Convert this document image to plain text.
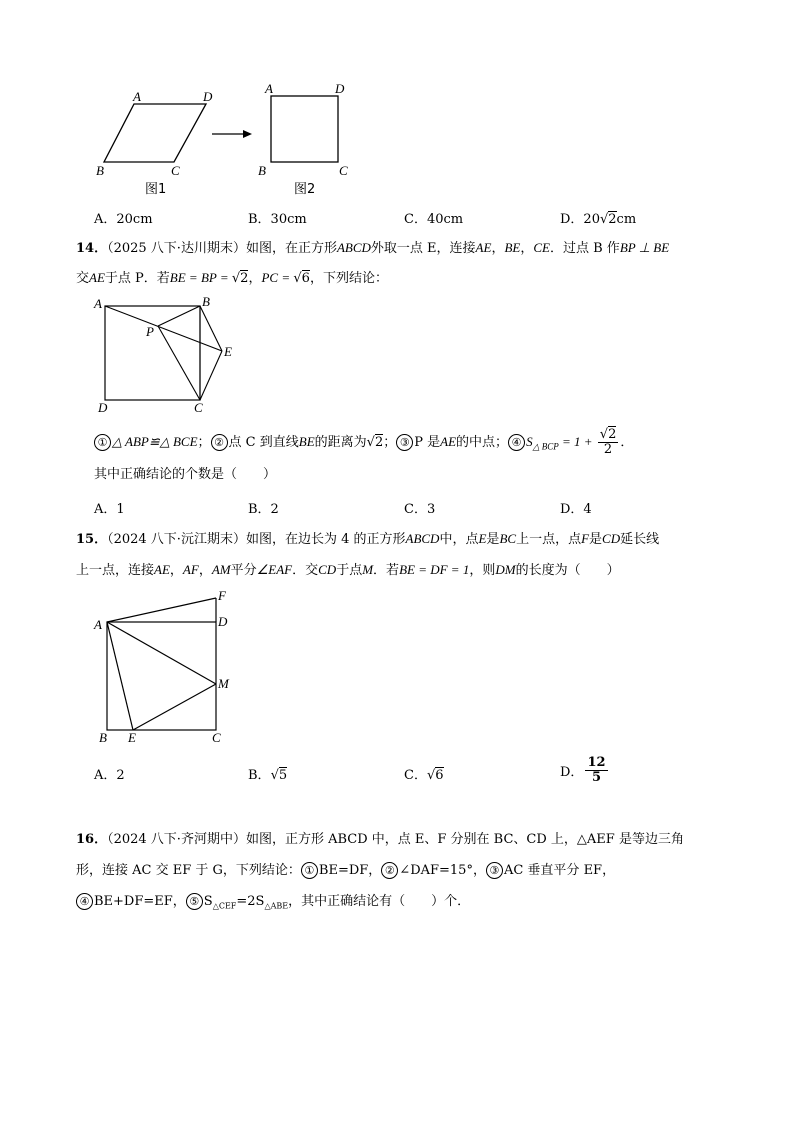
A	D
B	C
图1
A	D
B	C
图2
A．20cm	B．30cm	C．40cm	D．20√2cm
14．（2025 八下·达川期末）如图，在正方形ABCD外取一点 E，连接AE，BE，CE．过点 B 作BP ⊥ BE
交AE于点 P．若BE = BP = √2，PC = √6，下列结论：
A	B
P
E
D	C
① △ ABP≌△ BCE； ② 点 C 到直线BE的距离为√2； ③ P 是AE的中点； ④ $S_{\triangle BCP} = 1 + \frac{√2}{2}$ ．
其中正确结论的个数是（　　）
A．1	B．2	C．3	D．4
15．（2024 八下·沅江期末）如图，在边长为 4 的正方形ABCD中，点E是BC上一点，点F是CD延长线
上一点，连接AE，AF，AM平分∠EAF．交CD于点M．若BE = DF = 1，则DM的长度为（　　）
F
A	D
M
B E	C
A．2	B．√5	C．√6	D． $\frac{12}{5}$
16．（2024 八下·齐河期中）如图，正方形 ABCD 中，点 E、F 分别在 BC、CD 上，△AEF 是等边三角
形，连接 AC 交 EF 于 G，下列结论： ① BE=DF， ② ∠DAF=15°， ③ AC 垂直平分 EF，
④ BE+DF=EF， ⑤ $S_{\triangle CEF}=2S_{\triangle ABE}$，其中正确结论有（　　）个．
